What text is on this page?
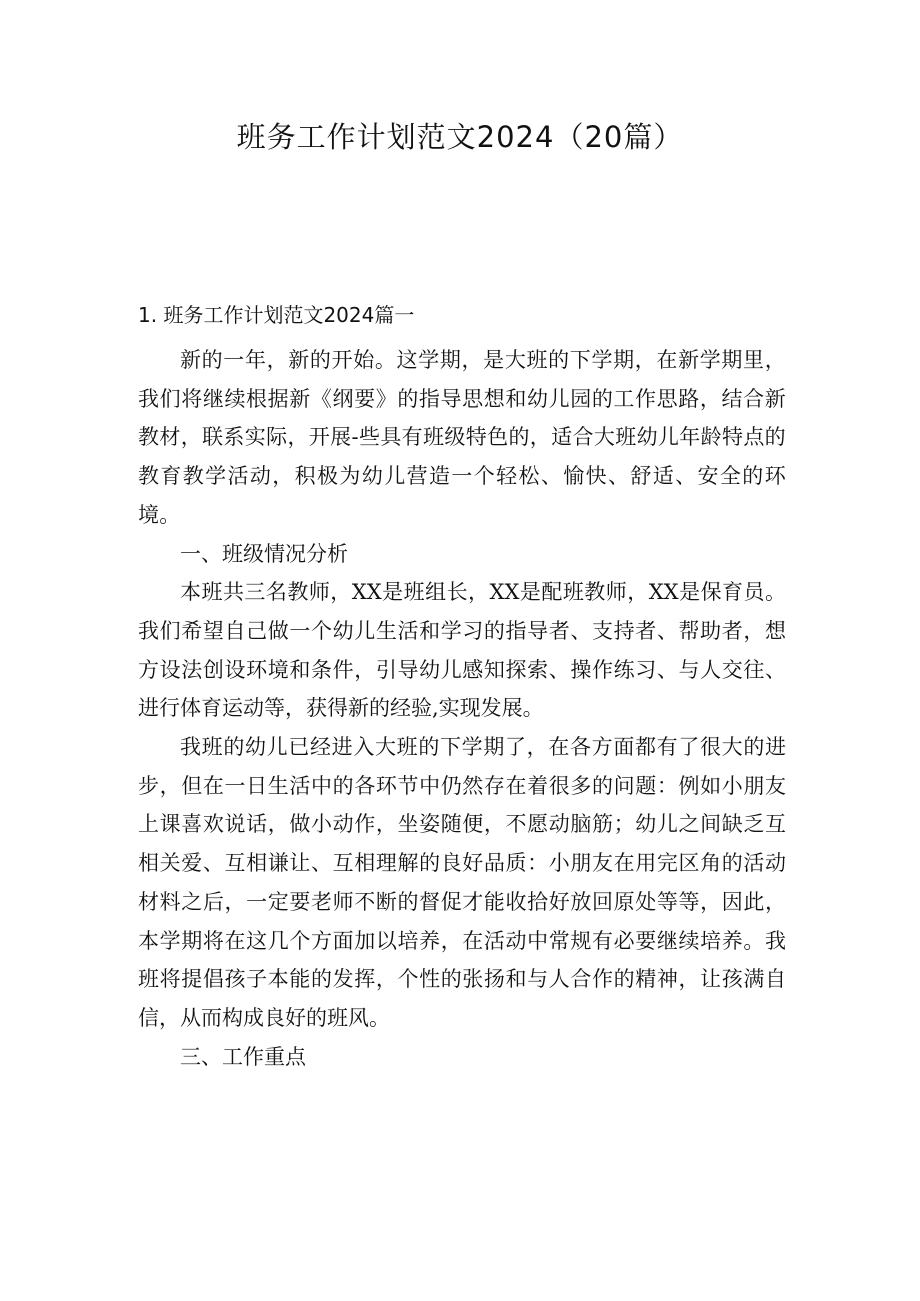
班务工作计划范文2024（20篇）
1. 班务工作计划范文2024篇一

新的一年，新的开始。这学期，是大班的下学期，在新学期里，我们将继续根据新《纲要》的指导思想和幼儿园的工作思路，结合新教材，联系实际，开展-些具有班级特色的，适合大班幼儿年龄特点的教育教学活动，积极为幼儿营造一个轻松、愉快、舒适、安全的环境。

一、班级情况分析

本班共三名教师，XX是班组长，XX是配班教师，XX是保育员。我们希望自己做一个幼儿生活和学习的指导者、支持者、帮助者，想方设法创设环境和条件，引导幼儿感知探索、操作练习、与人交往、进行体育运动等，获得新的经验,实现发展。

我班的幼儿已经进入大班的下学期了，在各方面都有了很大的进步，但在一日生活中的各环节中仍然存在着很多的问题：例如小朋友上课喜欢说话，做小动作，坐姿随便，不愿动脑筋；幼儿之间缺乏互相关爱、互相谦让、互相理解的良好品质：小朋友在用完区角的活动材料之后，一定要老师不断的督促才能收拾好放回原处等等，因此，本学期将在这几个方面加以培养，在活动中常规有必要继续培养。我班将提倡孩子本能的发挥，个性的张扬和与人合作的精神，让孩满自信，从而构成良好的班风。

三、工作重点
